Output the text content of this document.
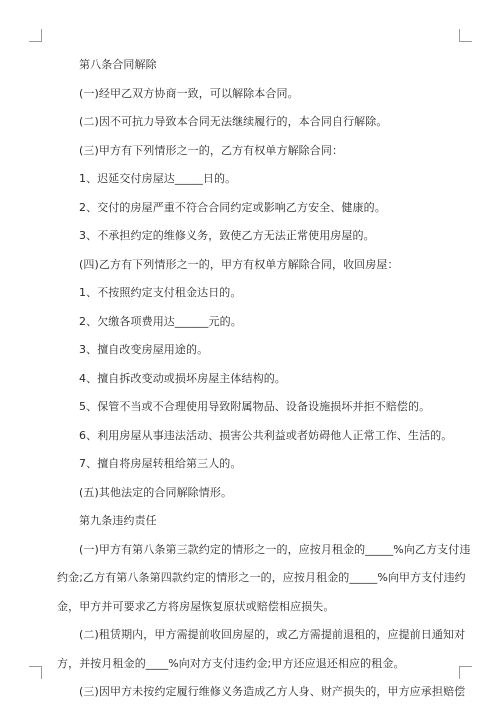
第八条合同解除
(一)经甲乙双方协商一致，可以解除本合同。
(二)因不可抗力导致本合同无法继续履行的，本合同自行解除。
(三)甲方有下列情形之一的，乙方有权单方解除合同：
1、迟延交付房屋达_____日的。
2、交付的房屋严重不符合合同约定或影响乙方安全、健康的。
3、不承担约定的维修义务，致使乙方无法正常使用房屋的。
(四)乙方有下列情形之一的，甲方有权单方解除合同，收回房屋：
1、不按照约定支付租金达日的。
2、欠缴各项费用达______元的。
3、擅自改变房屋用途的。
4、擅自拆改变动或损坏房屋主体结构的。
5、保管不当或不合理使用导致附属物品、设备设施损坏并拒不赔偿的。
6、利用房屋从事违法活动、损害公共利益或者妨碍他人正常工作、生活的。
7、擅自将房屋转租给第三人的。
(五)其他法定的合同解除情形。
第九条违约责任
(一)甲方有第八条第三款约定的情形之一的，应按月租金的_____%向乙方支付违
约金;乙方有第八条第四款约定的情形之一的，应按月租金的_____%向甲方支付违约
金，甲方并可要求乙方将房屋恢复原状或赔偿相应损失。
(二)租赁期内，甲方需提前收回房屋的，或乙方需提前退租的，应提前日通知对
方，并按月租金的____%向对方支付违约金;甲方还应退还相应的租金。
(三)因甲方未按约定履行维修义务造成乙方人身、财产损失的，甲方应承担赔偿
